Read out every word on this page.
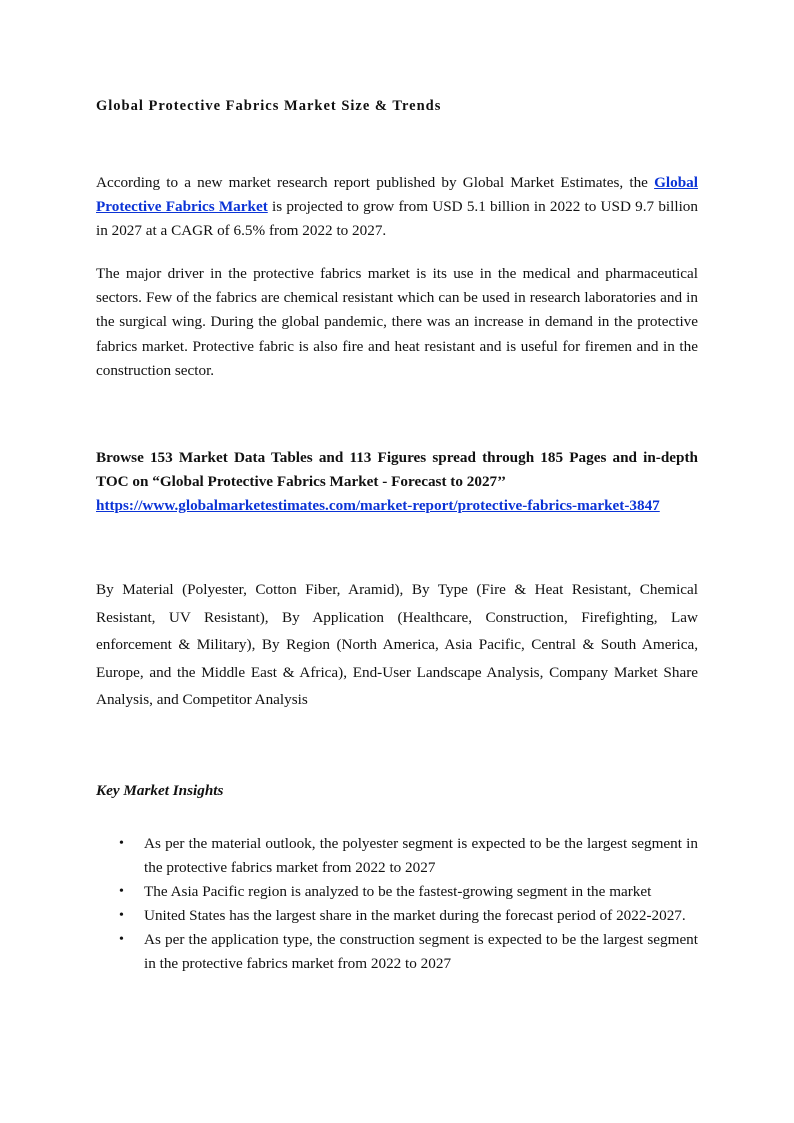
Global Protective Fabrics Market Size & Trends

According to a new market research report published by Global Market Estimates, the Global Protective Fabrics Market is projected to grow from USD 5.1 billion in 2022 to USD 9.7 billion in 2027 at a CAGR of 6.5% from 2022 to 2027.

The major driver in the protective fabrics market is its use in the medical and pharmaceutical sectors. Few of the fabrics are chemical resistant which can be used in research laboratories and in the surgical wing. During the global pandemic, there was an increase in demand in the protective fabrics market. Protective fabric is also fire and heat resistant and is useful for firemen and in the construction sector.

Browse 153 Market Data Tables and 113 Figures spread through 185 Pages and in-depth TOC on “Global Protective Fabrics Market - Forecast to 2027’’
https://www.globalmarketestimates.com/market-report/protective-fabrics-market-3847

By Material (Polyester, Cotton Fiber, Aramid), By Type (Fire & Heat Resistant, Chemical Resistant, UV Resistant), By Application (Healthcare, Construction, Firefighting, Law enforcement & Military), By Region (North America, Asia Pacific, Central & South America, Europe, and the Middle East & Africa), End-User Landscape Analysis, Company Market Share Analysis, and Competitor Analysis

Key Market Insights
• As per the material outlook, the polyester segment is expected to be the largest segment in the protective fabrics market from 2022 to 2027
• The Asia Pacific region is analyzed to be the fastest-growing segment in the market
• United States has the largest share in the market during the forecast period of 2022-2027.
• As per the application type, the construction segment is expected to be the largest segment in the protective fabrics market from 2022 to 2027
